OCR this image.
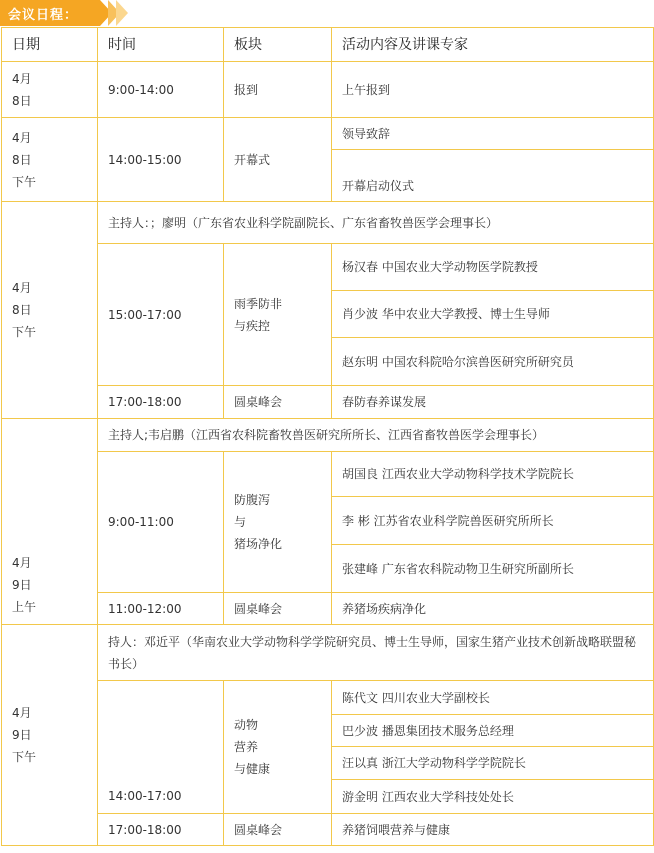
会议日程：
日期	时间	板块	活动内容及讲课专家

4月
8日	9:00-14:00	报到	上午报到

4月
8日
下午	14:00-15:00	开幕式	领导致辞
			开幕启动仪式

4月
8日
下午	主持人：；廖明（广东省农业科学院副院长、广东省畜牧兽医学会理事长）		
	15:00-17:00	雨季防非
与疾控	杨汉春 中国农业大学动物医学院教授
			肖少波 华中农业大学教授、博士生导师
			赵东明 中国农科院哈尔滨兽医研究所研究员
	17:00-18:00	圆桌峰会	春防春养谋发展

4月
9日
上午	主持人;韦启鹏（江西省农科院畜牧兽医研究所所长、江西省畜牧兽医学会理事长）		
	9:00-11:00	防腹泻
与
猪场净化	胡国良 江西农业大学动物科学技术学院院长
			李 彬 江苏省农业科学院兽医研究所所长
			张建峰 广东省农科院动物卫生研究所副所长
	11:00-12:00	圆桌峰会	养猪场疾病净化

4月
9日
下午	持人：邓近平（华南农业大学动物科学学院研究员、博士生导师，国家生猪产业技术创新战略联盟秘书长）		
	14:00-17:00	动物
营养
与健康	陈代文 四川农业大学副校长
			巴少波 播恩集团技术服务总经理
			汪以真 浙江大学动物科学学院院长
			游金明 江西农业大学科技处处长
	17:00-18:00	圆桌峰会	养猪饲喂营养与健康
